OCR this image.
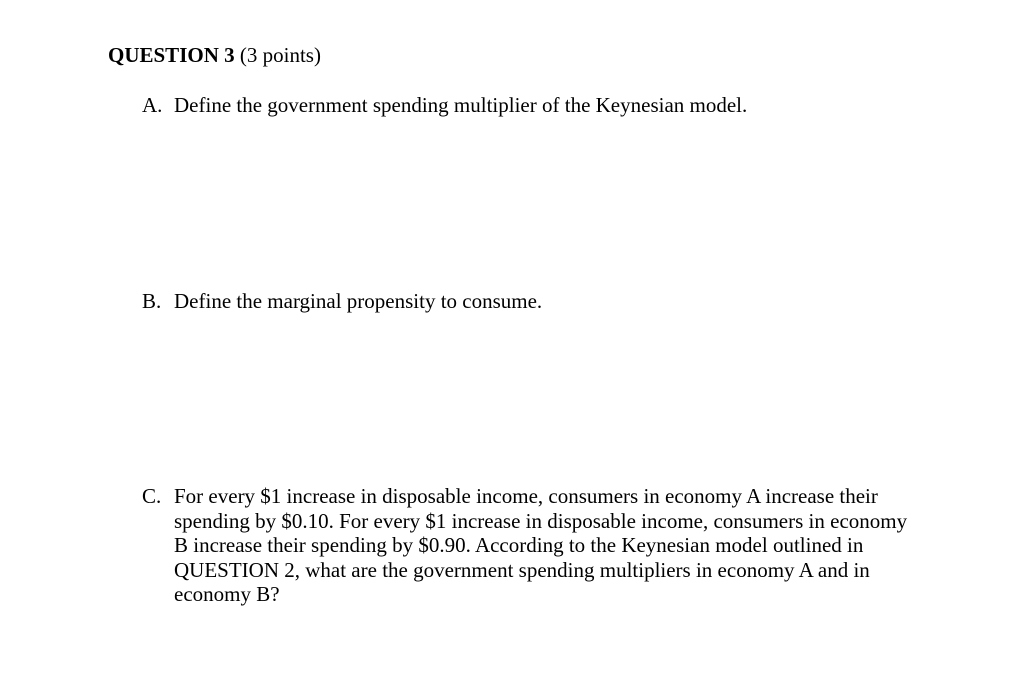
QUESTION 3 (3 points)
A. Define the government spending multiplier of the Keynesian model.
B. Define the marginal propensity to consume.
C. For every $1 increase in disposable income, consumers in economy A increase their spending by $0.10. For every $1 increase in disposable income, consumers in economy B increase their spending by $0.90. According to the Keynesian model outlined in QUESTION 2, what are the government spending multipliers in economy A and in economy B?
